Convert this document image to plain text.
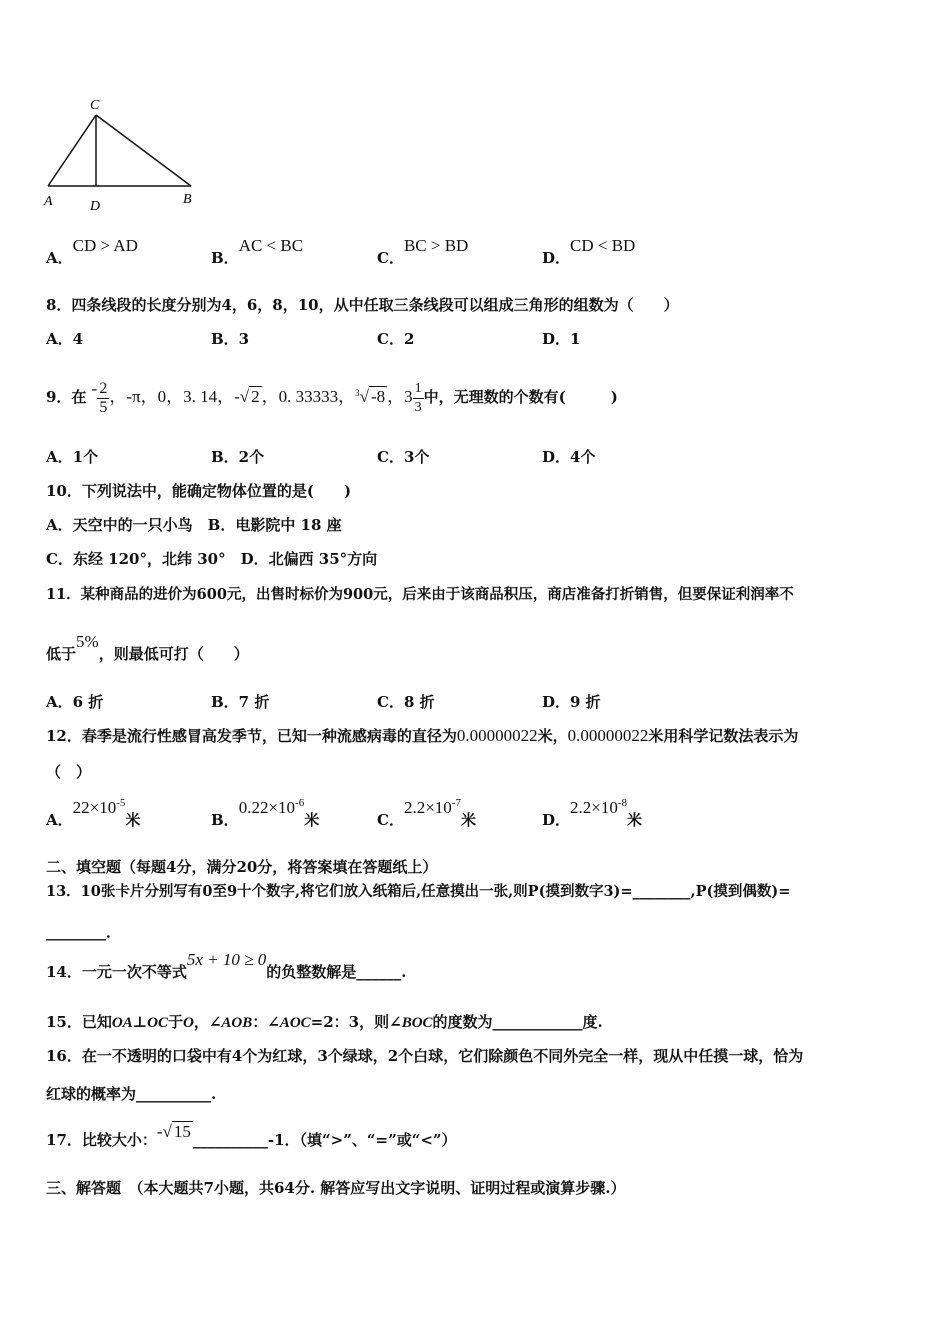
C
A	D	B
A．CD > AD
B．AC < BC
C．BC > BD
D．CD < BD
8．四条线段的长度分别为4，6，8，10，从中任取三条线段可以组成三角形的组数为（　　）
A．4	B．3	C．2	D．1
9．在 - $\frac{2}{5}$ ，-π，0，3. 14，-√ 2 ，0. 33333，$^3$√ -8 ，$3 \frac{1}{3}$ 中，无理数的个数有(　　　)
A．1个	B．2个	C．3个	D．4个
10．下列说法中，能确定物体位置的是(　　)
A．天空中的一只小鸟　B．电影院中 18 座
C．东经 120°，北纬 30°　D．北偏西 35°方向
11．某种商品的进价为600元，出售时标价为900元，后来由于该商品积压，商店准备打折销售，但要保证利润率不
低于5%，则最低可打（　　）
A．6 折	B．7 折	C．8 折	D．9 折
12．春季是流行性感冒高发季节，已知一种流感病毒的直径为0.00000022米，0.00000022米用科学记数法表示为
（　）
A．$22\times 10^{-5}$米	B．$0.22\times 10^{-6}$米	C．$2.2\times 10^{-7}$米	D．$2.2\times 10^{-8}$米
二、填空题（每题4分，满分20分，将答案填在答题纸上）
13．10张卡片分别写有0至9十个数字,将它们放入纸箱后,任意摸出一张,则P(摸到数字3)=________,P(摸到偶数)=
________．
14．一元一次不等式5x + 10 ≥ 0的负整数解是______.
15．已知OA⊥OC于O，∠AOB：∠AOC=2：3，则∠BOC的度数为____________度.
16．在一不透明的口袋中有4个为红球，3个绿球，2个白球，它们除颜色不同外完全一样，现从中任摸一球，恰为
红球的概率为__________.
17．比较大小：-√ 15 __________-1．（填“>”、“=”或“<”）
三、解答题　（本大题共7小题，共64分. 解答应写出文字说明、证明过程或演算步骤.）
